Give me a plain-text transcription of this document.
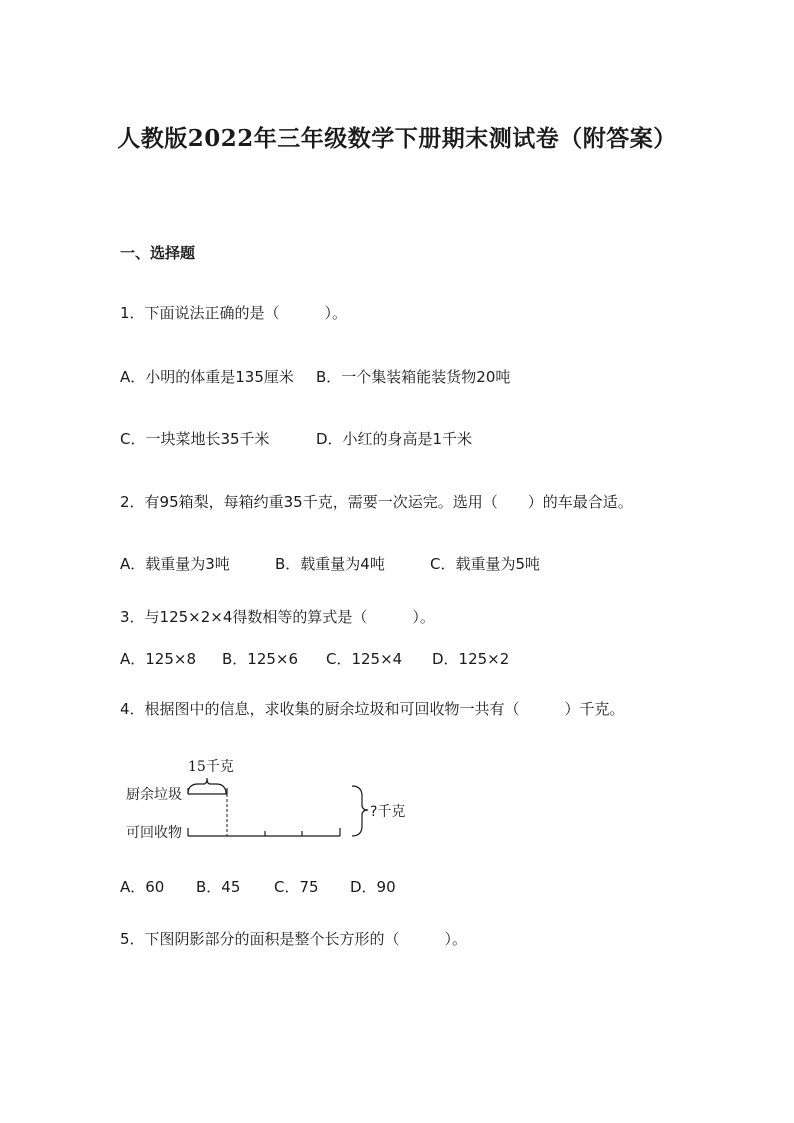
人教版2022年三年级数学下册期末测试卷（附答案）
一、选择题
1．下面说法正确的是（　　　）。
A．小明的体重是135厘米 B．一个集装箱能装货物20吨
C．一块菜地长35千米	D．小红的身高是1千米
2．有95箱梨，每箱约重35千克，需要一次运完。选用（　　）的车最合适。
A．载重量为3吨	B．载重量为4吨	C．载重量为5吨
3．与125×2×4得数相等的算式是（　　　）。
A．125×8 B．125×6 C．125×4 D．125×2
4．根据图中的信息，求收集的厨余垃圾和可回收物一共有（　　　）千克。
15千克
厨余垃圾
可回收物
?千克
A．60 B．45 C．75 D．90
5．下图阴影部分的面积是整个长方形的（　　　）。
